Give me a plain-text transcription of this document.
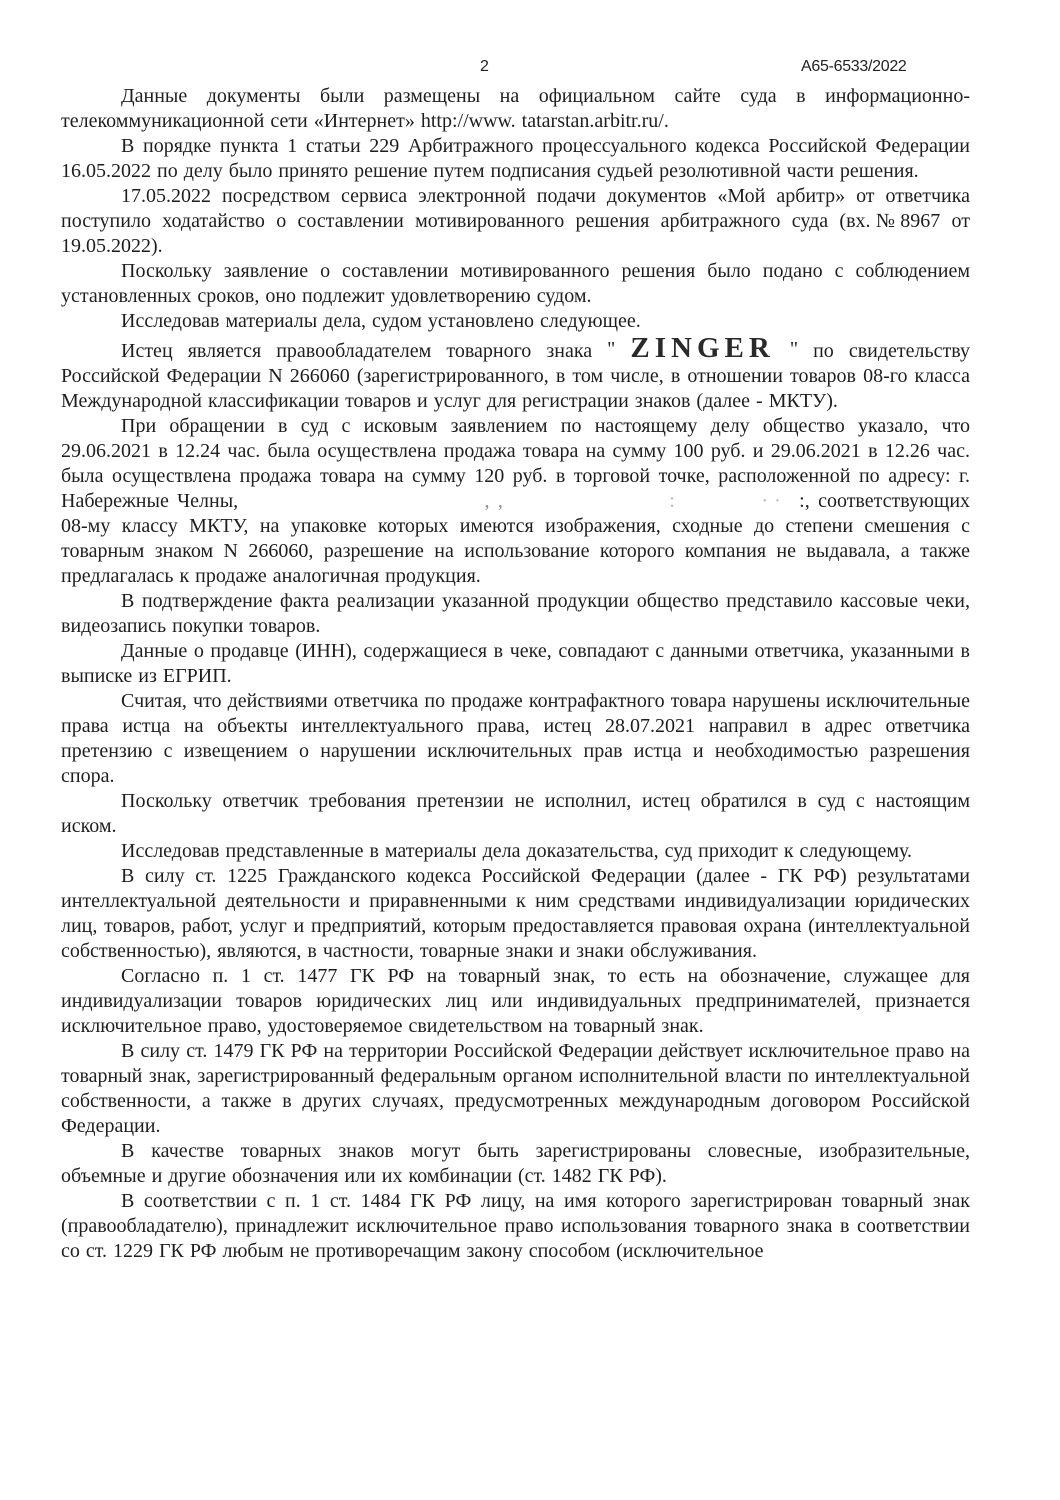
2	А65-6533/2022

Данные документы были размещены на официальном сайте суда в информационно-телекоммуникационной сети «Интернет» http://www. tatarstan.arbitr.ru/.

В порядке пункта 1 статьи 229 Арбитражного процессуального кодекса Российской Федерации 16.05.2022 по делу было принято решение путем подписания судьей резолютивной части решения.

17.05.2022 посредством сервиса электронной подачи документов «Мой арбитр» от ответчика поступило ходатайство о составлении мотивированного решения арбитражного суда (вх.№8967 от 19.05.2022).

Поскольку заявление о составлении мотивированного решения было подано с соблюдением установленных сроков, оно подлежит удовлетворению судом.

Исследовав материалы дела, судом установлено следующее.

Истец является правообладателем товарного знака " ZINGER " по свидетельству Российской Федерации N 266060 (зарегистрированного, в том числе, в отношении товаров 08-го класса Международной классификации товаров и услуг для регистрации знаков (далее - МКТУ).

При обращении в суд с исковым заявлением по настоящему делу общество указало, что 29.06.2021 в 12.24 час. была осуществлена продажа товара на сумму 100 руб. и 29.06.2021 в 12.26 час. была осуществлена продажа товара на сумму 120 руб. в торговой точке, расположенной по адресу: г. Набережные Челны,	, ,	:	· · :, соответствующих 08-му классу МКТУ, на упаковке которых имеются изображения, сходные до степени смешения с товарным знаком N 266060, разрешение на использование которого компания не выдавала, а также предлагалась к продаже аналогичная продукция.

В подтверждение факта реализации указанной продукции общество представило кассовые чеки, видеозапись покупки товаров.

Данные о продавце (ИНН), содержащиеся в чеке, совпадают с данными ответчика, указанными в выписке из ЕГРИП.

Считая, что действиями ответчика по продаже контрафактного товара нарушены исключительные права истца на объекты интеллектуального права, истец 28.07.2021 направил в адрес ответчика претензию с извещением о нарушении исключительных прав истца и необходимостью разрешения спора.

Поскольку ответчик требования претензии не исполнил, истец обратился в суд с настоящим иском.

Исследовав представленные в материалы дела доказательства, суд приходит к следующему.

В силу ст. 1225 Гражданского кодекса Российской Федерации (далее - ГК РФ) результатами интеллектуальной деятельности и приравненными к ним средствами индивидуализации юридических лиц, товаров, работ, услуг и предприятий, которым предоставляется правовая охрана (интеллектуальной собственностью), являются, в частности, товарные знаки и знаки обслуживания.

Согласно п. 1 ст. 1477 ГК РФ на товарный знак, то есть на обозначение, служащее для индивидуализации товаров юридических лиц или индивидуальных предпринимателей, признается исключительное право, удостоверяемое свидетельством на товарный знак.

В силу ст. 1479 ГК РФ на территории Российской Федерации действует исключительное право на товарный знак, зарегистрированный федеральным органом исполнительной власти по интеллектуальной собственности, а также в других случаях, предусмотренных международным договором Российской Федерации.

В качестве товарных знаков могут быть зарегистрированы словесные, изобразительные, объемные и другие обозначения или их комбинации (ст. 1482 ГК РФ).

В соответствии с п. 1 ст. 1484 ГК РФ лицу, на имя которого зарегистрирован товарный знак (правообладателю), принадлежит исключительное право использования товарного знака в соответствии со ст. 1229 ГК РФ любым не противоречащим закону способом (исключительное
